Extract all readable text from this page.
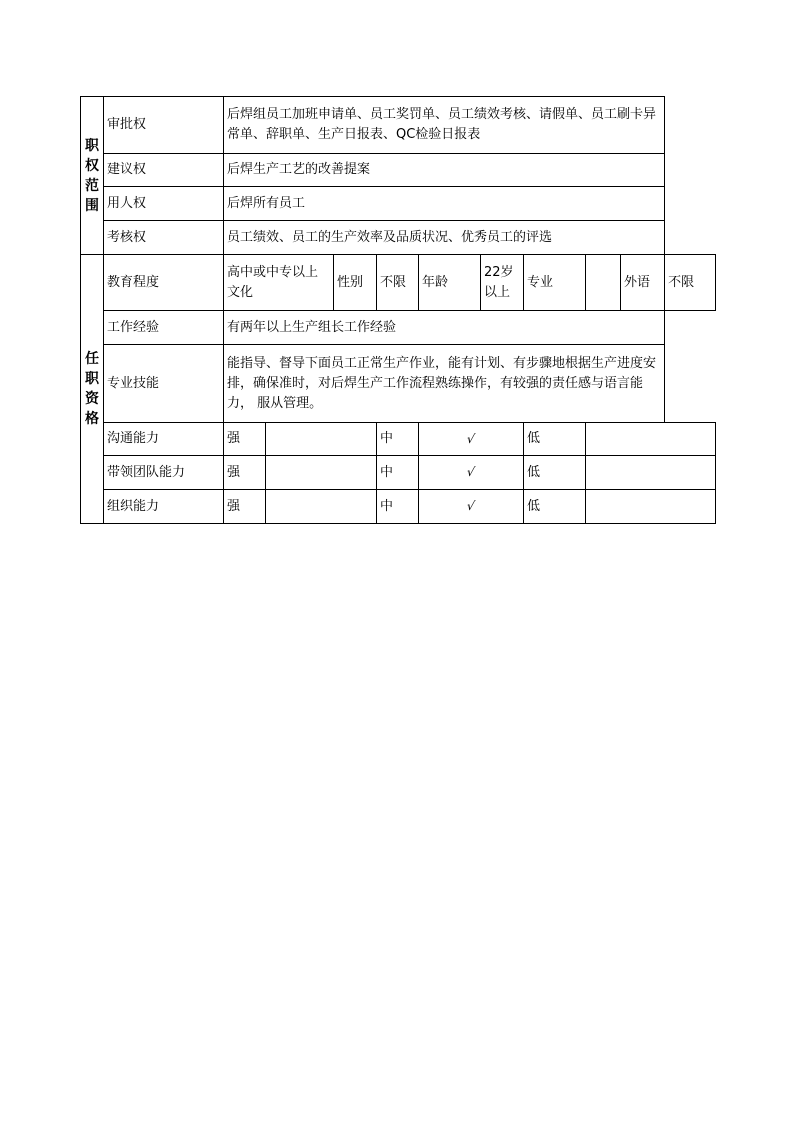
职
权
范
围	审批权	后焊组员工加班申请单、员工奖罚单、员工绩效考核、请假单、员工刷卡异常单、辞职单、生产日报表、QC检验日报表									
	建议权	后焊生产工艺的改善提案									
	用人权	后焊所有员工									
	考核权	员工绩效、员工的生产效率及品质状况、优秀员工的评选									

任
职
资
格	教育程度	高中或中专以上文化		性别	不限	年龄	22岁以上	专业		外语	不限
	工作经验	有两年以上生产组长工作经验									
	专业技能	能指导、督导下面员工正常生产作业，能有计划、有步骤地根据生产进度安排，确保准时，对后焊生产工作流程熟练操作，有较强的责任感与语言能力， 服从管理。									
	沟通能力	强			中	√		低			
	带领团队能力	强			中	√		低			
	组织能力	强			中	√		低			
